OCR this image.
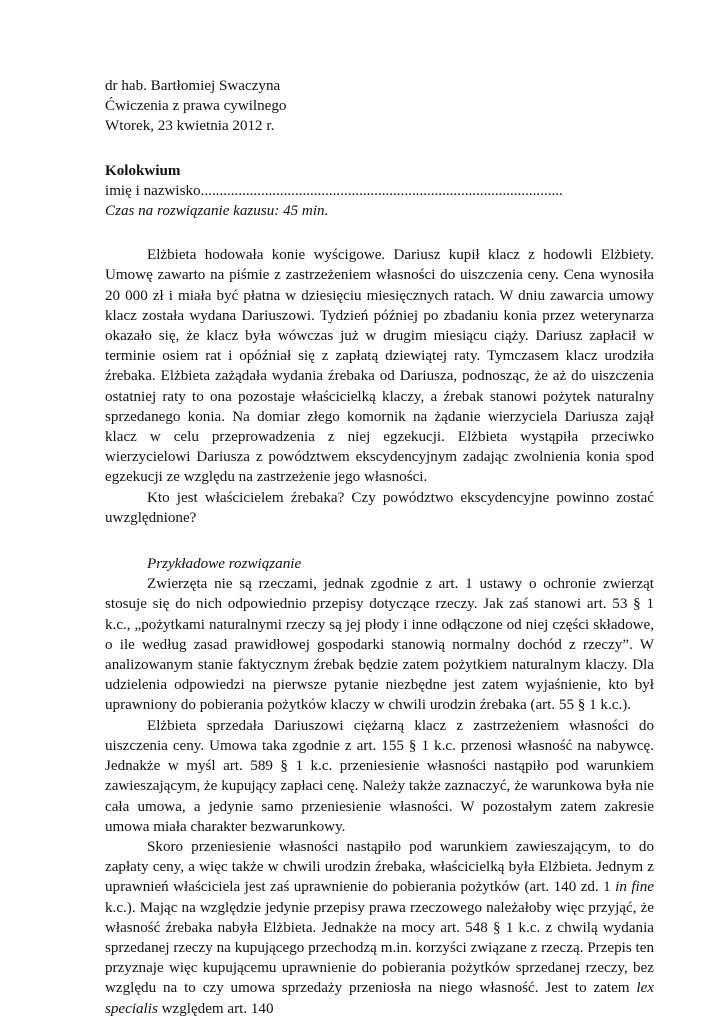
dr hab. Bartłomiej Swaczyna
Ćwiczenia z prawa cywilnego
Wtorek, 23 kwietnia 2012 r.
Kolokwium
imię i nazwisko................................................................................................
Czas na rozwiązanie kazusu: 45 min.

Elżbieta hodowała konie wyścigowe. Dariusz kupił klacz z hodowli Elżbiety. Umowę zawarto na piśmie z zastrzeżeniem własności do uiszczenia ceny. Cena wynosiła 20 000 zł i miała być płatna w dziesięciu miesięcznych ratach. W dniu zawarcia umowy klacz została wydana Dariuszowi. Tydzień później po zbadaniu konia przez weterynarza okazało się, że klacz była wówczas już w drugim miesiącu ciąży. Dariusz zapłacił w terminie osiem rat i opóźniał się z zapłatą dziewiątej raty. Tymczasem klacz urodziła źrebaka. Elżbieta zażądała wydania źrebaka od Dariusza, podnosząc, że aż do uiszczenia ostatniej raty to ona pozostaje właścicielką klaczy, a źrebak stanowi pożytek naturalny sprzedanego konia. Na domiar złego komornik na żądanie wierzyciela Dariusza zajął klacz w celu przeprowadzenia z niej egzekucji. Elżbieta wystąpiła przeciwko wierzycielowi Dariusza z powództwem ekscydencyjnym zadając zwolnienia konia spod egzekucji ze względu na zastrzeżenie jego własności.

Kto jest właścicielem źrebaka? Czy powództwo ekscydencyjne powinno zostać uwzględnione?

Przykładowe rozwiązanie

Zwierzęta nie są rzeczami, jednak zgodnie z art. 1 ustawy o ochronie zwierząt stosuje się do nich odpowiednio przepisy dotyczące rzeczy. Jak zaś stanowi art. 53 § 1 k.c., „pożytkami naturalnymi rzeczy są jej płody i inne odłączone od niej części składowe, o ile według zasad prawidłowej gospodarki stanowią normalny dochód z rzeczy”. W analizowanym stanie faktycznym źrebak będzie zatem pożytkiem naturalnym klaczy. Dla udzielenia odpowiedzi na pierwsze pytanie niezbędne jest zatem wyjaśnienie, kto był uprawniony do pobierania pożytków klaczy w chwili urodzin źrebaka (art. 55 § 1 k.c.).

Elżbieta sprzedała Dariuszowi ciężarną klacz z zastrzeżeniem własności do uiszczenia ceny. Umowa taka zgodnie z art. 155 § 1 k.c. przenosi własność na nabywcę. Jednakże w myśl art. 589 § 1 k.c. przeniesienie własności nastąpiło pod warunkiem zawieszającym, że kupujący zapłaci cenę. Należy także zaznaczyć, że warunkowa była nie cała umowa, a jedynie samo przeniesienie własności. W pozostałym zatem zakresie umowa miała charakter bezwarunkowy.

Skoro przeniesienie własności nastąpiło pod warunkiem zawieszającym, to do zapłaty ceny, a więc także w chwili urodzin źrebaka, właścicielką była Elżbieta. Jednym z uprawnień właściciela jest zaś uprawnienie do pobierania pożytków (art. 140 zd. 1 in fine k.c.). Mając na względzie jedynie przepisy prawa rzeczowego należałoby więc przyjąć, że własność źrebaka nabyła Elżbieta. Jednakże na mocy art. 548 § 1 k.c. z chwilą wydania sprzedanej rzeczy na kupującego przechodzą m.in. korzyści związane z rzeczą. Przepis ten przyznaje więc kupującemu uprawnienie do pobierania pożytków sprzedanej rzeczy, bez względu na to czy umowa sprzedaży przeniosła na niego własność. Jest to zatem lex specialis względem art. 140
